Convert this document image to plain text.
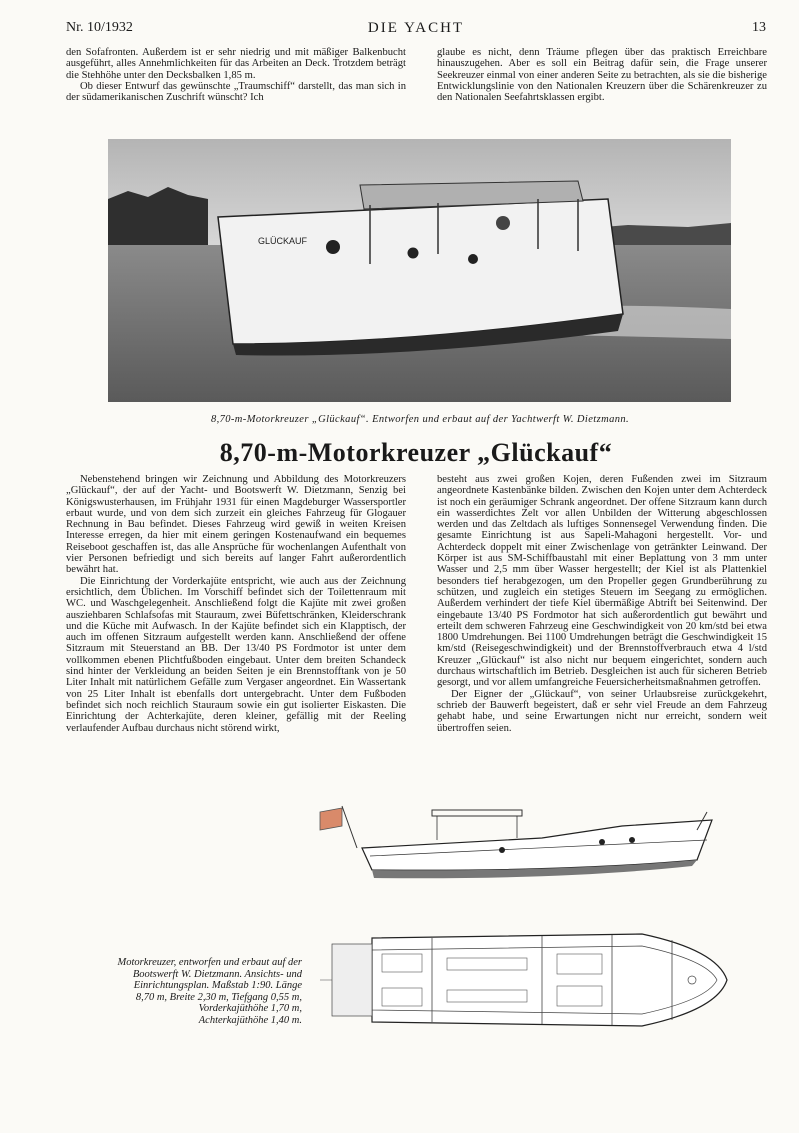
Nr. 10/1932	DIE YACHT	13

den Sofafronten. Außerdem ist er sehr niedrig und mit mäßiger Balkenbucht ausgeführt, alles Annehmlichkeiten für das Arbeiten an Deck. Trotzdem beträgt die Stehhöhe unter den Decksbalken 1,85 m.

Ob dieser Entwurf das gewünschte „Traumschiff“ darstellt, das man sich in der südamerikanischen Zuschrift wünscht? Ich

glaube es nicht, denn Träume pflegen über das praktisch Erreichbare hinauszugehen. Aber es soll ein Beitrag dafür sein, die Frage unserer Seekreuzer einmal von einer anderen Seite zu betrachten, als sie die bisherige Entwicklungslinie von den Nationalen Kreuzern über die Schärenkreuzer zu den Nationalen Seefahrtsklassen ergibt.

GLÜCKAUF
8,70-m-Motorkreuzer „Glückauf“. Entworfen und erbaut auf der Yachtwerft W. Dietzmann.
8,70-m-Motorkreuzer „Glückauf“

Nebenstehend bringen wir Zeichnung und Abbildung des Motorkreuzers „Glückauf“, der auf der Yacht- und Bootswerft W. Dietzmann, Senzig bei Königswusterhausen, im Frühjahr 1931 für einen Magdeburger Wassersportler erbaut wurde, und von dem sich zurzeit ein gleiches Fahrzeug für Glogauer Rechnung in Bau befindet. Dieses Fahrzeug wird gewiß in weiten Kreisen Interesse erregen, da hier mit einem geringen Kostenaufwand ein bequemes Reiseboot geschaffen ist, das alle Ansprüche für wochenlangen Aufenthalt von vier Personen befriedigt und sich bereits auf langer Fahrt außerordentlich bewährt hat.

Die Einrichtung der Vorderkajüte entspricht, wie auch aus der Zeichnung ersichtlich, dem Üblichen. Im Vorschiff befindet sich der Toilettenraum mit WC. und Waschgelegenheit. Anschließend folgt die Kajüte mit zwei großen ausziehbaren Schlafsofas mit Stauraum, zwei Büfettschränken, Kleiderschrank und die Küche mit Aufwasch. In der Kajüte befindet sich ein Klapptisch, der auch im offenen Sitzraum aufgestellt werden kann. Anschließend der offene Sitzraum mit Steuerstand an BB. Der 13/40 PS Fordmotor ist unter dem vollkommen ebenen Plichtfußboden eingebaut. Unter dem breiten Schandeck sind hinter der Verkleidung an beiden Seiten je ein Brennstofftank von je 50 Liter Inhalt mit natürlichem Gefälle zum Vergaser angeordnet. Ein Wassertank von 25 Liter Inhalt ist ebenfalls dort untergebracht. Unter dem Fußboden befindet sich noch reichlich Stauraum sowie ein gut isolierter Eiskasten. Die Einrichtung der Achterkajüte, deren kleiner, gefällig mit der Reeling verlaufender Aufbau durchaus nicht störend wirkt,

besteht aus zwei großen Kojen, deren Fußenden zwei im Sitzraum angeordnete Kastenbänke bilden. Zwischen den Kojen unter dem Achterdeck ist noch ein geräumiger Schrank angeordnet. Der offene Sitzraum kann durch ein wasserdichtes Zelt vor allen Unbilden der Witterung abgeschlossen werden und das Zeltdach als luftiges Sonnensegel Verwendung finden. Die gesamte Einrichtung ist aus Sapeli-Mahagoni hergestellt. Vor- und Achterdeck doppelt mit einer Zwischenlage von getränkter Leinwand. Der Körper ist aus SM-Schiffbaustahl mit einer Beplattung von 3 mm unter Wasser und 2,5 mm über Wasser hergestellt; der Kiel ist als Plattenkiel besonders tief herabgezogen, um den Propeller gegen Grundberührung zu schützen, und zugleich ein stetiges Steuern im Seegang zu ermöglichen. Außerdem verhindert der tiefe Kiel übermäßige Abtrift bei Seitenwind. Der eingebaute 13/40 PS Fordmotor hat sich außerordentlich gut bewährt und erteilt dem schweren Fahrzeug eine Geschwindigkeit von 20 km/std bei etwa 1800 Umdrehungen. Bei 1100 Umdrehungen beträgt die Geschwindigkeit 15 km/std (Reisegeschwindigkeit) und der Brennstoffverbrauch etwa 4 l/std Kreuzer „Glückauf“ ist also nicht nur bequem eingerichtet, sondern auch durchaus wirtschaftlich im Betrieb. Desgleichen ist auch für sicheren Betrieb gesorgt, und vor allem umfangreiche Feuersicherheitsmaßnahmen getroffen.

Der Eigner der „Glückauf“, von seiner Urlaubsreise zurückgekehrt, schrieb der Bauwerft begeistert, daß er sehr viel Freude an dem Fahrzeug gehabt habe, und seine Erwartungen nicht nur erreicht, sondern weit übertroffen seien.

Motorkreuzer, entworfen und erbaut auf der
Bootswerft W. Dietzmann. Ansichts- und
Einrichtungsplan. Maßstab 1:90. Länge
8,70 m, Breite 2,30 m, Tiefgang 0,55 m,
Vorderkajüthöhe 1,70 m,
Achterkajüthöhe 1,40 m.
